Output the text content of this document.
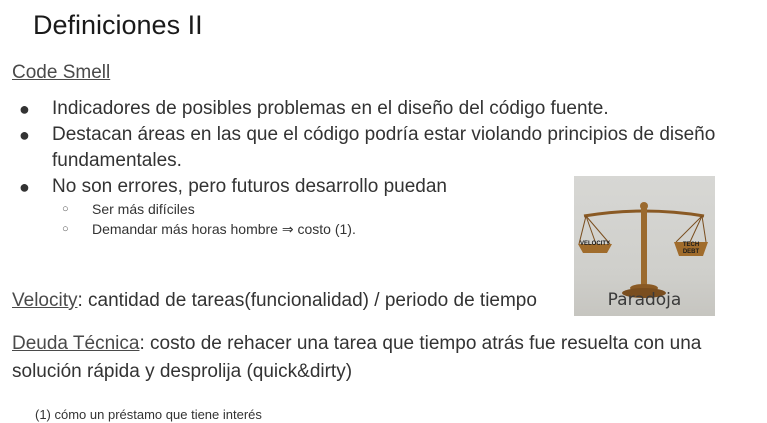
Definiciones II
Code Smell
● Indicadores de posibles problemas en el diseño del código fuente.
● Destacan áreas en las que el código podría estar violando principios de diseño fundamentales.
● No son errores, pero futuros desarrollo puedan
○ Ser más difíciles
○ Demandar más horas hombre ⇒ costo (1).
VELOCITY	TECH
DEBT
Paradoja
Velocity: cantidad de tareas(funcionalidad) / periodo de tiempo
Deuda Técnica: costo de rehacer una tarea que tiempo atrás fue resuelta con una solución rápida y desprolija (quick&dirty)
(1) cómo un préstamo que tiene interés
